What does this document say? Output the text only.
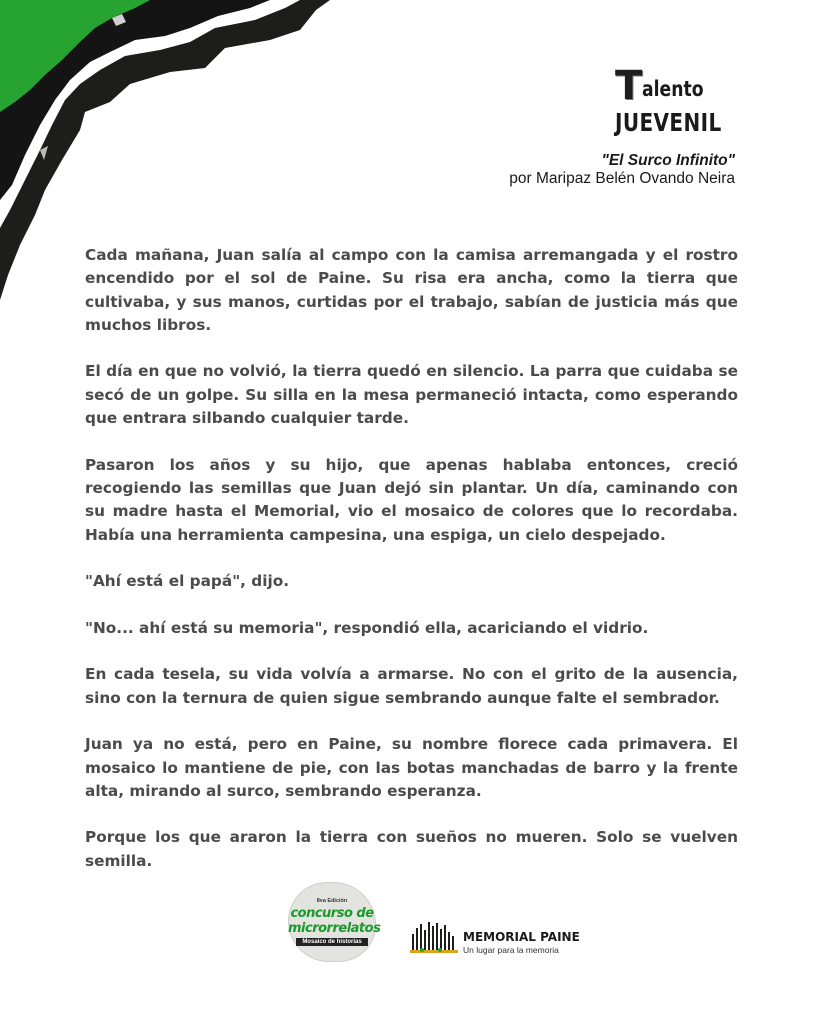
T alento
JUEVENIL
"El Surco Infinito"
por Maripaz Belén Ovando Neira

Cada mañana, Juan salía al campo con la camisa arremangada y el rostro encendido por el sol de Paine. Su risa era ancha, como la tierra que cultivaba, y sus manos, curtidas por el trabajo, sabían de justicia más que muchos libros.

El día en que no volvió, la tierra quedó en silencio. La parra que cuidaba se secó de un golpe. Su silla en la mesa permaneció intacta, como esperando que entrara silbando cualquier tarde.

Pasaron los años y su hijo, que apenas hablaba entonces, creció recogiendo las semillas que Juan dejó sin plantar. Un día, caminando con su madre hasta el Memorial, vio el mosaico de colores que lo recordaba. Había una herramienta campesina, una espiga, un cielo despejado.

"Ahí está el papá", dijo.

"No... ahí está su memoria", respondió ella, acariciando el vidrio.

En cada tesela, su vida volvía a armarse. No con el grito de la ausencia, sino con la ternura de quien sigue sembrando aunque falte el sembrador.

Juan ya no está, pero en Paine, su nombre florece cada primavera. El mosaico lo mantiene de pie, con las botas manchadas de barro y la frente alta, mirando al surco, sembrando esperanza.

Porque los que araron la tierra con sueños no mueren. Solo se vuelven semilla.

8va Edición
concurso de
microrrelatos
Mosaico de historias	MEMORIAL PAINE
Un lugar para la memoria
